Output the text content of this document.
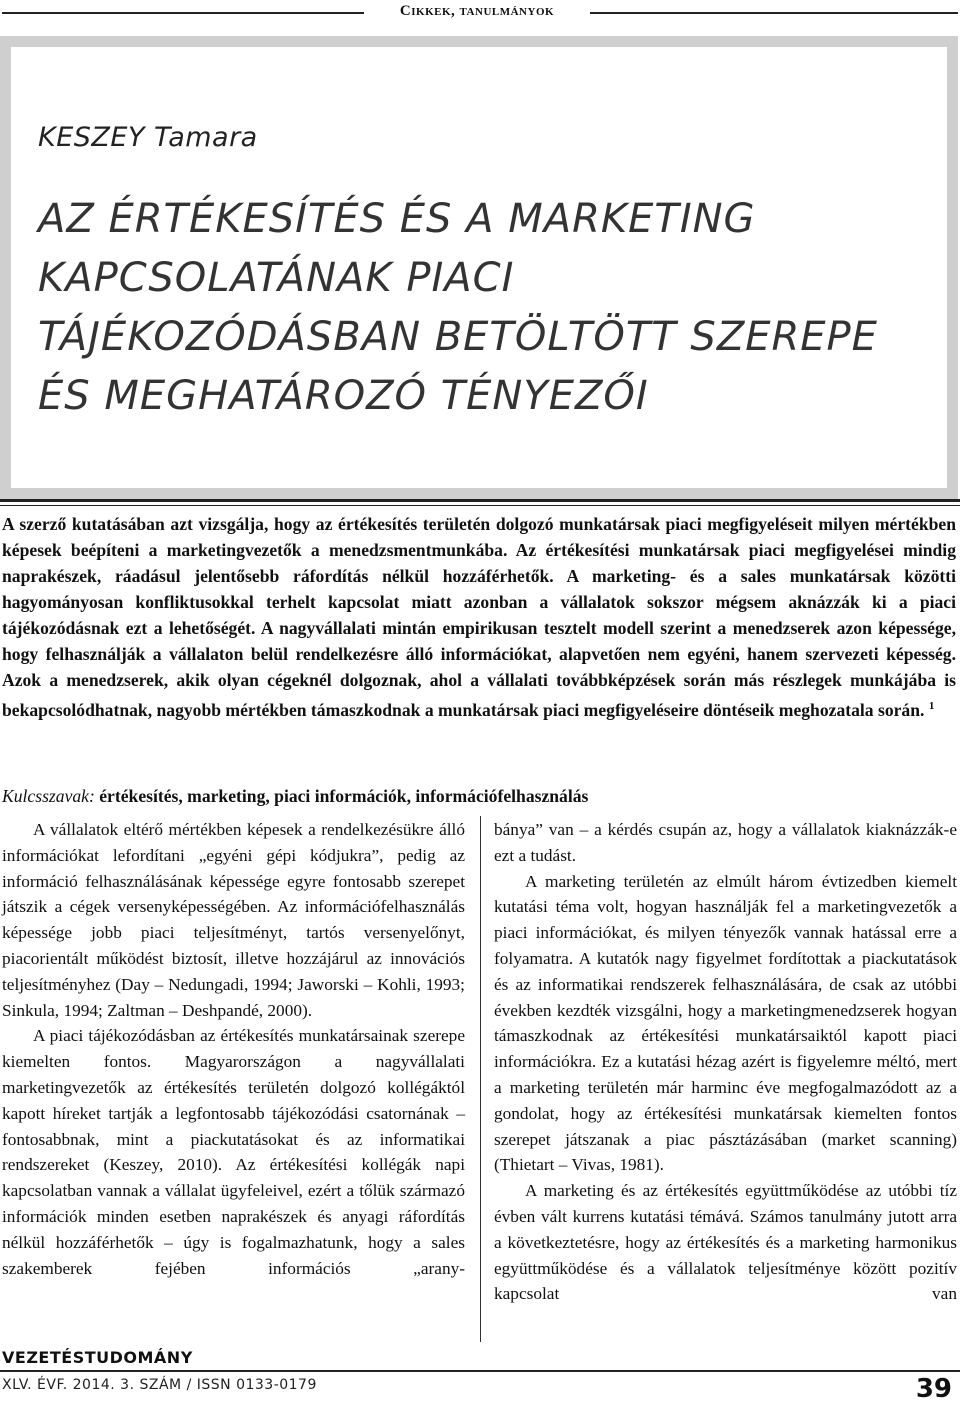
Cikkek, tanulmányok
KESZEY Tamara
AZ ÉRTÉKESÍTÉS ÉS A MARKETING
KAPCSOLATÁNAK PIACI
TÁJÉKOZÓDÁSBAN BETÖLTÖTT SZEREPE
ÉS MEGHATÁROZÓ TÉNYEZŐI
A szerző kutatásában azt vizsgálja, hogy az értékesítés területén dolgozó munkatársak piaci megfigyeléseit milyen mértékben képesek beépíteni a marketingvezetők a menedzsmentmunkába. Az értékesítési munkatársak piaci megfigyelései mindig naprakészek, ráadásul jelentősebb ráfordítás nélkül hozzáférhetők. A marketing- és a sales munkatársak közötti hagyományosan konfliktusokkal terhelt kapcsolat miatt azonban a vállalatok sokszor mégsem aknázzák ki a piaci tájékozódásnak ezt a lehetőségét. A nagyvállalati mintán empirikusan tesztelt modell szerint a menedzserek azon képessége, hogy felhasználják a vállalaton belül rendelkezésre álló információkat, alapvetően nem egyéni, hanem szervezeti képesség. Azok a menedzserek, akik olyan cégeknél dolgoznak, ahol a vállalati továbbképzések során más részlegek munkájába is bekapcsolódhatnak, nagyobb mértékben támaszkodnak a munkatársak piaci megfigyeléseire döntéseik meghozatala során. $^1$
Kulcsszavak: értékesítés, marketing, piaci információk, információfelhasználás

A vállalatok eltérő mértékben képesek a rendelkezésükre álló információkat lefordítani „egyéni gépi kódjukra”, pedig az információ felhasználásának képessége egyre fontosabb szerepet játszik a cégek versenyképességében. Az információfelhasználás képessége jobb piaci teljesítményt, tartós versenyelőnyt, piacorientált működést biztosít, illetve hozzájárul az innovációs teljesítményhez (Day – Nedungadi, 1994; Jaworski – Kohli, 1993; Sinkula, 1994; Zaltman – Deshpandé, 2000).

A piaci tájékozódásban az értékesítés munkatársainak szerepe kiemelten fontos. Magyarországon a nagyvállalati marketingvezetők az értékesítés területén dolgozó kollégáktól kapott híreket tartják a legfontosabb tájékozódási csatornának – fontosabbnak, mint a piackutatásokat és az informatikai rendszereket (Keszey, 2010). Az értékesítési kollégák napi kapcsolatban vannak a vállalat ügyfeleivel, ezért a tőlük származó információk minden esetben naprakészek és anyagi ráfordítás nélkül hozzáférhetők – úgy is fogalmazhatunk, hogy a sales szakemberek fejében információs „arany-

bánya” van – a kérdés csupán az, hogy a vállalatok kiaknázzák-e ezt a tudást.

A marketing területén az elmúlt három évtizedben kiemelt kutatási téma volt, hogyan használják fel a marketingvezetők a piaci információkat, és milyen tényezők vannak hatással erre a folyamatra. A kutatók nagy figyelmet fordítottak a piackutatások és az informatikai rendszerek felhasználására, de csak az utóbbi években kezdték vizsgálni, hogy a marketingmenedzserek hogyan támaszkodnak az értékesítési munkatársaiktól kapott piaci információkra. Ez a kutatási hézag azért is figyelemre méltó, mert a marketing területén már harminc éve megfogalmazódott az a gondolat, hogy az értékesítési munkatársak kiemelten fontos szerepet játszanak a piac pásztázásában (market scanning) (Thietart – Vivas, 1981).

A marketing és az értékesítés együttműködése az utóbbi tíz évben vált kurrens kutatási témává. Számos tanulmány jutott arra a következtetésre, hogy az értékesítés és a marketing harmonikus együttműködése és a vállalatok teljesítménye között pozitív kapcsolat van

VEZETÉSTUDOMÁNY
XLV. ÉVF. 2014. 3. SZÁM / ISSN 0133-0179	39
